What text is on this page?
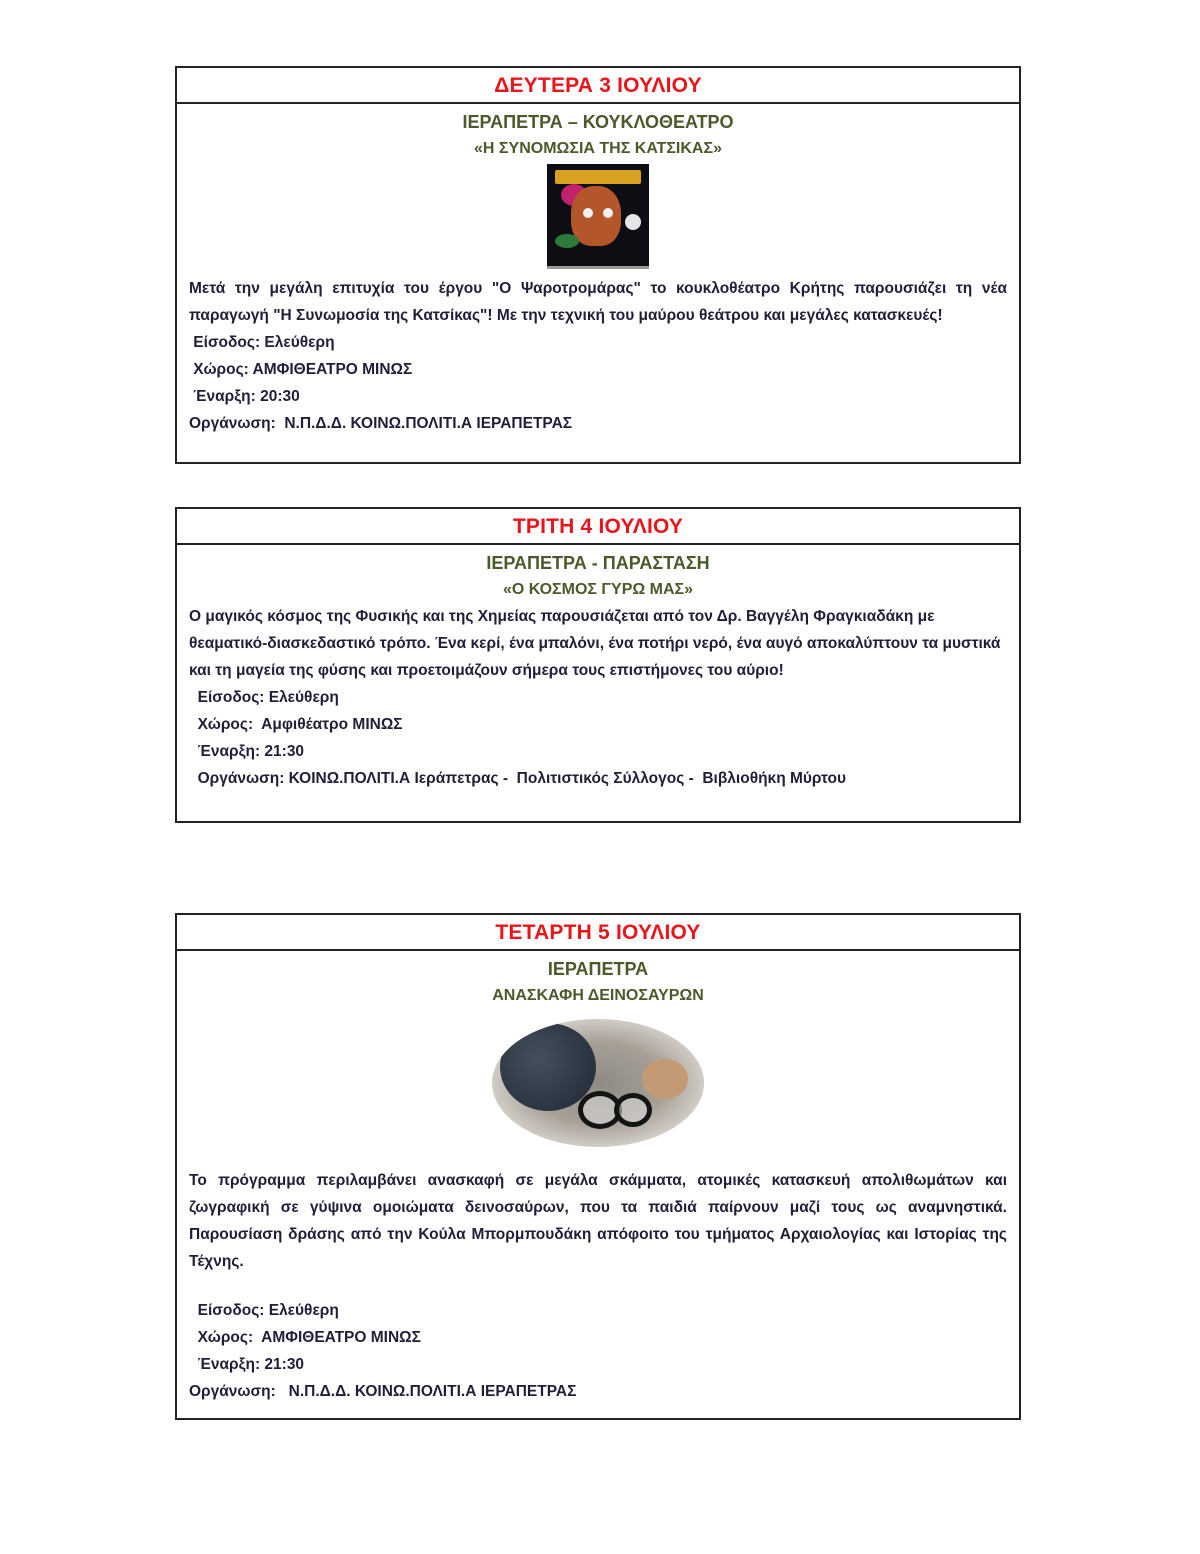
ΔΕΥΤΕΡΑ 3 ΙΟΥΛΙΟΥ
ΙΕΡΑΠΕΤΡΑ – ΚΟΥΚΛΟΘΕΑΤΡΟ
«Η ΣΥΝΟΜΩΣΙΑ ΤΗΣ ΚΑΤΣΙΚΑΣ»
Μετά την μεγάλη επιτυχία του έργου "Ο Ψαροτρομάρας" το κουκλοθέατρο Κρήτης παρουσιάζει τη νέα παραγωγή "Η Συνωμοσία της Κατσίκας"! Με την τεχνική του μαύρου θεάτρου και μεγάλες κατασκευές!
Είσοδος: Ελεύθερη
Χώρος: ΑΜΦΙΘΕΑΤΡΟ ΜΙΝΩΣ
Έναρξη: 20:30
Οργάνωση:  Ν.Π.Δ.Δ. ΚΟΙΝΩ.ΠΟΛΙΤΙ.Α ΙΕΡΑΠΕΤΡΑΣ
ΤΡΙΤΗ 4 ΙΟΥΛΙΟΥ
ΙΕΡΑΠΕΤΡΑ - ΠΑΡΑΣΤΑΣΗ
«Ο ΚΟΣΜΟΣ ΓΥΡΩ ΜΑΣ»
Ο μαγικός κόσμος της Φυσικής και της Χημείας παρουσιάζεται από τον Δρ. Βαγγέλη Φραγκιαδάκη με θεαματικό-διασκεδαστικό τρόπο. Ένα κερί, ένα μπαλόνι, ένα ποτήρι νερό, ένα αυγό αποκαλύπτουν τα μυστικά και τη μαγεία της φύσης και προετοιμάζουν σήμερα τους επιστήμονες του αύριο!
Είσοδος: Ελεύθερη
Χώρος:  Αμφιθέατρο ΜΙΝΩΣ
Έναρξη: 21:30
Οργάνωση: ΚΟΙΝΩ.ΠΟΛΙΤΙ.Α Ιεράπετρας -  Πολιτιστικός Σύλλογος -  Βιβλιοθήκη Μύρτου
ΤΕΤΑΡΤΗ 5 ΙΟΥΛΙΟΥ
ΙΕΡΑΠΕΤΡΑ
ΑΝΑΣΚΑΦΗ ΔΕΙΝΟΣΑΥΡΩΝ
Το πρόγραμμα περιλαμβάνει ανασκαφή σε μεγάλα σκάμματα, ατομικές κατασκευή απολιθωμάτων και ζωγραφική σε γύψινα ομοιώματα δεινοσαύρων, που τα παιδιά παίρνουν μαζί τους ως αναμνηστικά. Παρουσίαση δράσης από την Κούλα Μπορμπουδάκη απόφοιτο του τμήματος Αρχαιολογίας και Ιστορίας της Τέχνης.
Είσοδος: Ελεύθερη
Χώρος:  ΑΜΦΙΘΕΑΤΡΟ ΜΙΝΩΣ
Έναρξη: 21:30
Οργάνωση:   Ν.Π.Δ.Δ. ΚΟΙΝΩ.ΠΟΛΙΤΙ.Α ΙΕΡΑΠΕΤΡΑΣ
